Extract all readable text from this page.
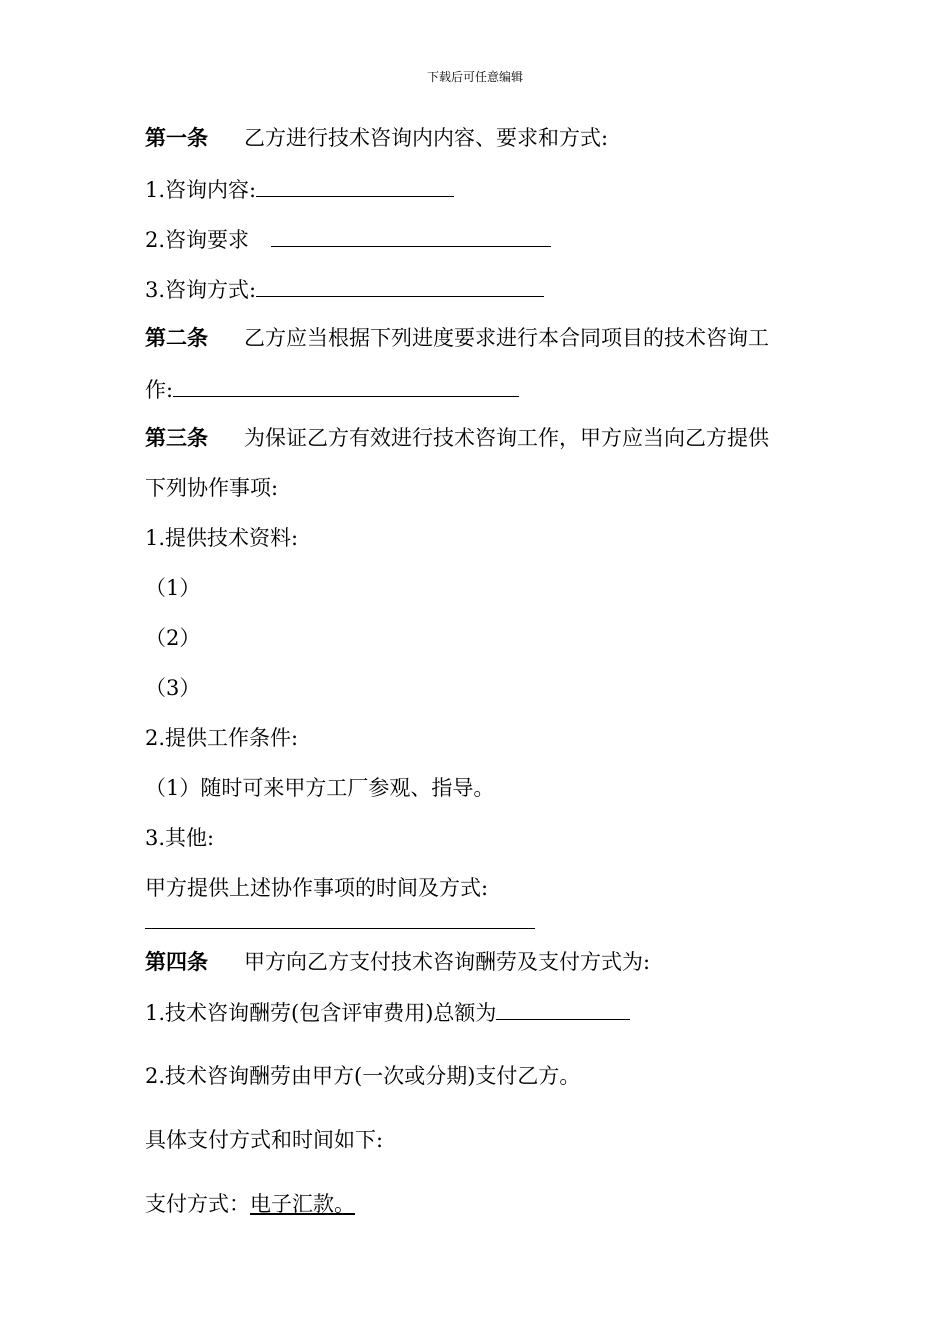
下载后可任意编辑
第一条 乙方进行技术咨询内内容、要求和方式:
1.咨询内容:
2.咨询要求
3.咨询方式:
第二条 乙方应当根据下列进度要求进行本合同项目的技术咨询工
作:
第三条 为保证乙方有效进行技术咨询工作，甲方应当向乙方提供
下列协作事项:
1.提供技术资料:
（1）
（2）
（3）
2.提供工作条件:
（1）随时可来甲方工厂参观、指导。
3.其他:
甲方提供上述协作事项的时间及方式:
第四条 甲方向乙方支付技术咨询酬劳及支付方式为:
1.技术咨询酬劳(包含评审费用)总额为
2.技术咨询酬劳由甲方(一次或分期)支付乙方。
具体支付方式和时间如下:
支付方式：电子汇款。
